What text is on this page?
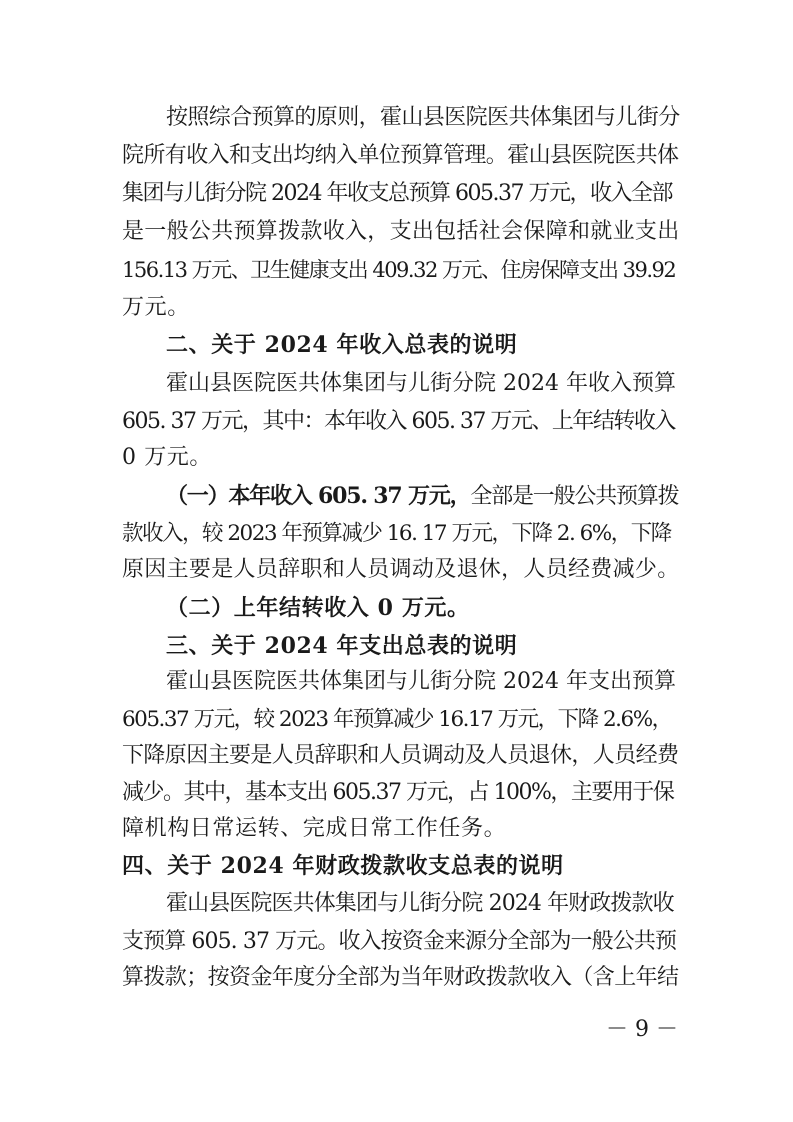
按照综合预算的原则，霍山县医院医共体集团与儿街分
院所有收入和支出均纳入单位预算管理。霍山县医院医共体
集团与儿街分院 2024 年收支总预算 605.37 万元，收入全部
是一般公共预算拨款收入，支出包括社会保障和就业支出
156.13 万元、卫生健康支出 409.32 万元、住房保障支出 39.92
万元。
二、关于 2024 年收入总表的说明
霍山县医院医共体集团与儿街分院 2024 年收入预算
605. 37 万元，其中：本年收入 605. 37 万元、上年结转收入
0 万元。
（一）本年收入 605. 37 万元，全部是一般公共预算拨
款收入，较 2023 年预算减少 16. 17 万元，下降 2. 6%，下降
原因主要是人员辞职和人员调动及退休，人员经费减少。
（二）上年结转收入 0 万元。
三、关于 2024 年支出总表的说明
霍山县医院医共体集团与儿街分院 2024 年支出预算
605.37 万元，较 2023 年预算减少 16.17 万元，下降 2.6%，
下降原因主要是人员辞职和人员调动及人员退休，人员经费
减少。其中，基本支出 605.37 万元，占 100%，主要用于保
障机构日常运转、完成日常工作任务。
四、关于 2024 年财政拨款收支总表的说明
霍山县医院医共体集团与儿街分院 2024 年财政拨款收
支预算 605. 37 万元。收入按资金来源分全部为一般公共预
算拨款；按资金年度分全部为当年财政拨款收入（含上年结
－ 9 －
